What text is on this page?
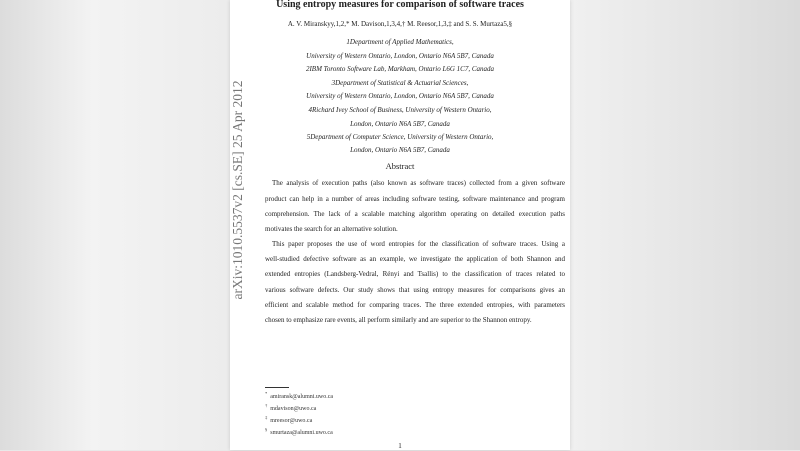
arXiv:1010.5537v2 [cs.SE] 25 Apr 2012
Using entropy measures for comparison of software traces
A. V. Miranskyy,1,2,* M. Davison,1,3,4,† M. Reesor,1,3,‡ and S. S. Murtaza5,§
1Department of Applied Mathematics,
University of Western Ontario, London, Ontario N6A 5B7, Canada
2IBM Toronto Software Lab, Markham, Ontario L6G 1C7, Canada
3Department of Statistical & Actuarial Sciences,
University of Western Ontario, London, Ontario N6A 5B7, Canada
4Richard Ivey School of Business, University of Western Ontario,
London, Ontario N6A 5B7, Canada
5Department of Computer Science, University of Western Ontario,
London, Ontario N6A 5B7, Canada
Abstract
The analysis of execution paths (also known as software traces) collected from a given software
product can help in a number of areas including software testing, software maintenance and program
comprehension. The lack of a scalable matching algorithm operating on detailed execution paths
motivates the search for an alternative solution.
This paper proposes the use of word entropies for the classification of software traces. Using a
well-studied defective software as an example, we investigate the application of both Shannon and
extended entropies (Landsberg-Vedral, Rényi and Tsallis) to the classification of traces related to
various software defects. Our study shows that using entropy measures for comparisons gives an
efficient and scalable method for comparing traces. The three extended entropies, with parameters
chosen to emphasize rare events, all perform similarly and are superior to the Shannon entropy.
*amiransk@alumni.uwo.ca
†mdavison@uwo.ca
‡mreesor@uwo.ca
§smurtaza@alumni.uwo.ca
1
